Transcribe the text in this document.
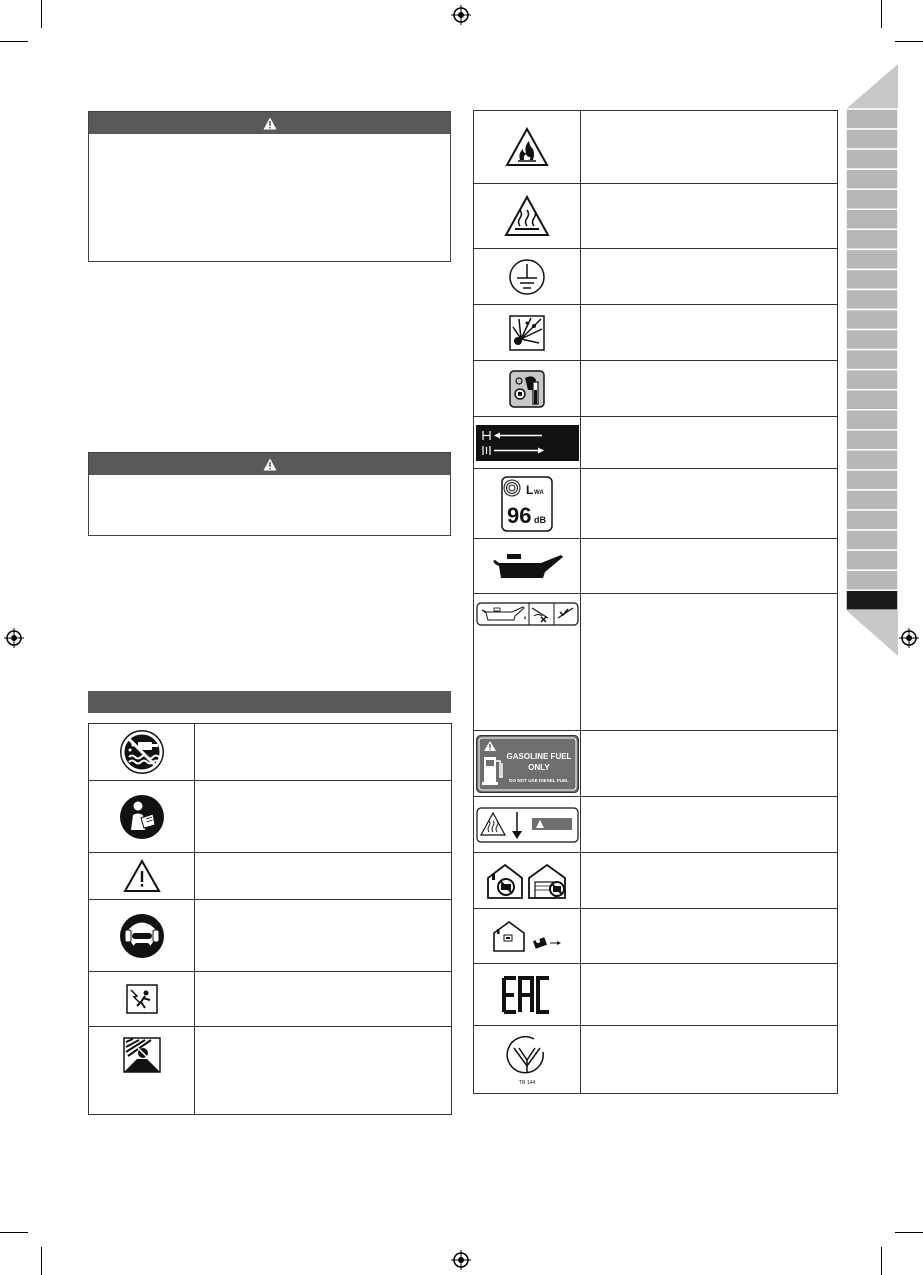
L WA
96 dB	

GASOLINE FUEL
ONLY
DO NOT USE DIESEL FUEL	

TR 144	
